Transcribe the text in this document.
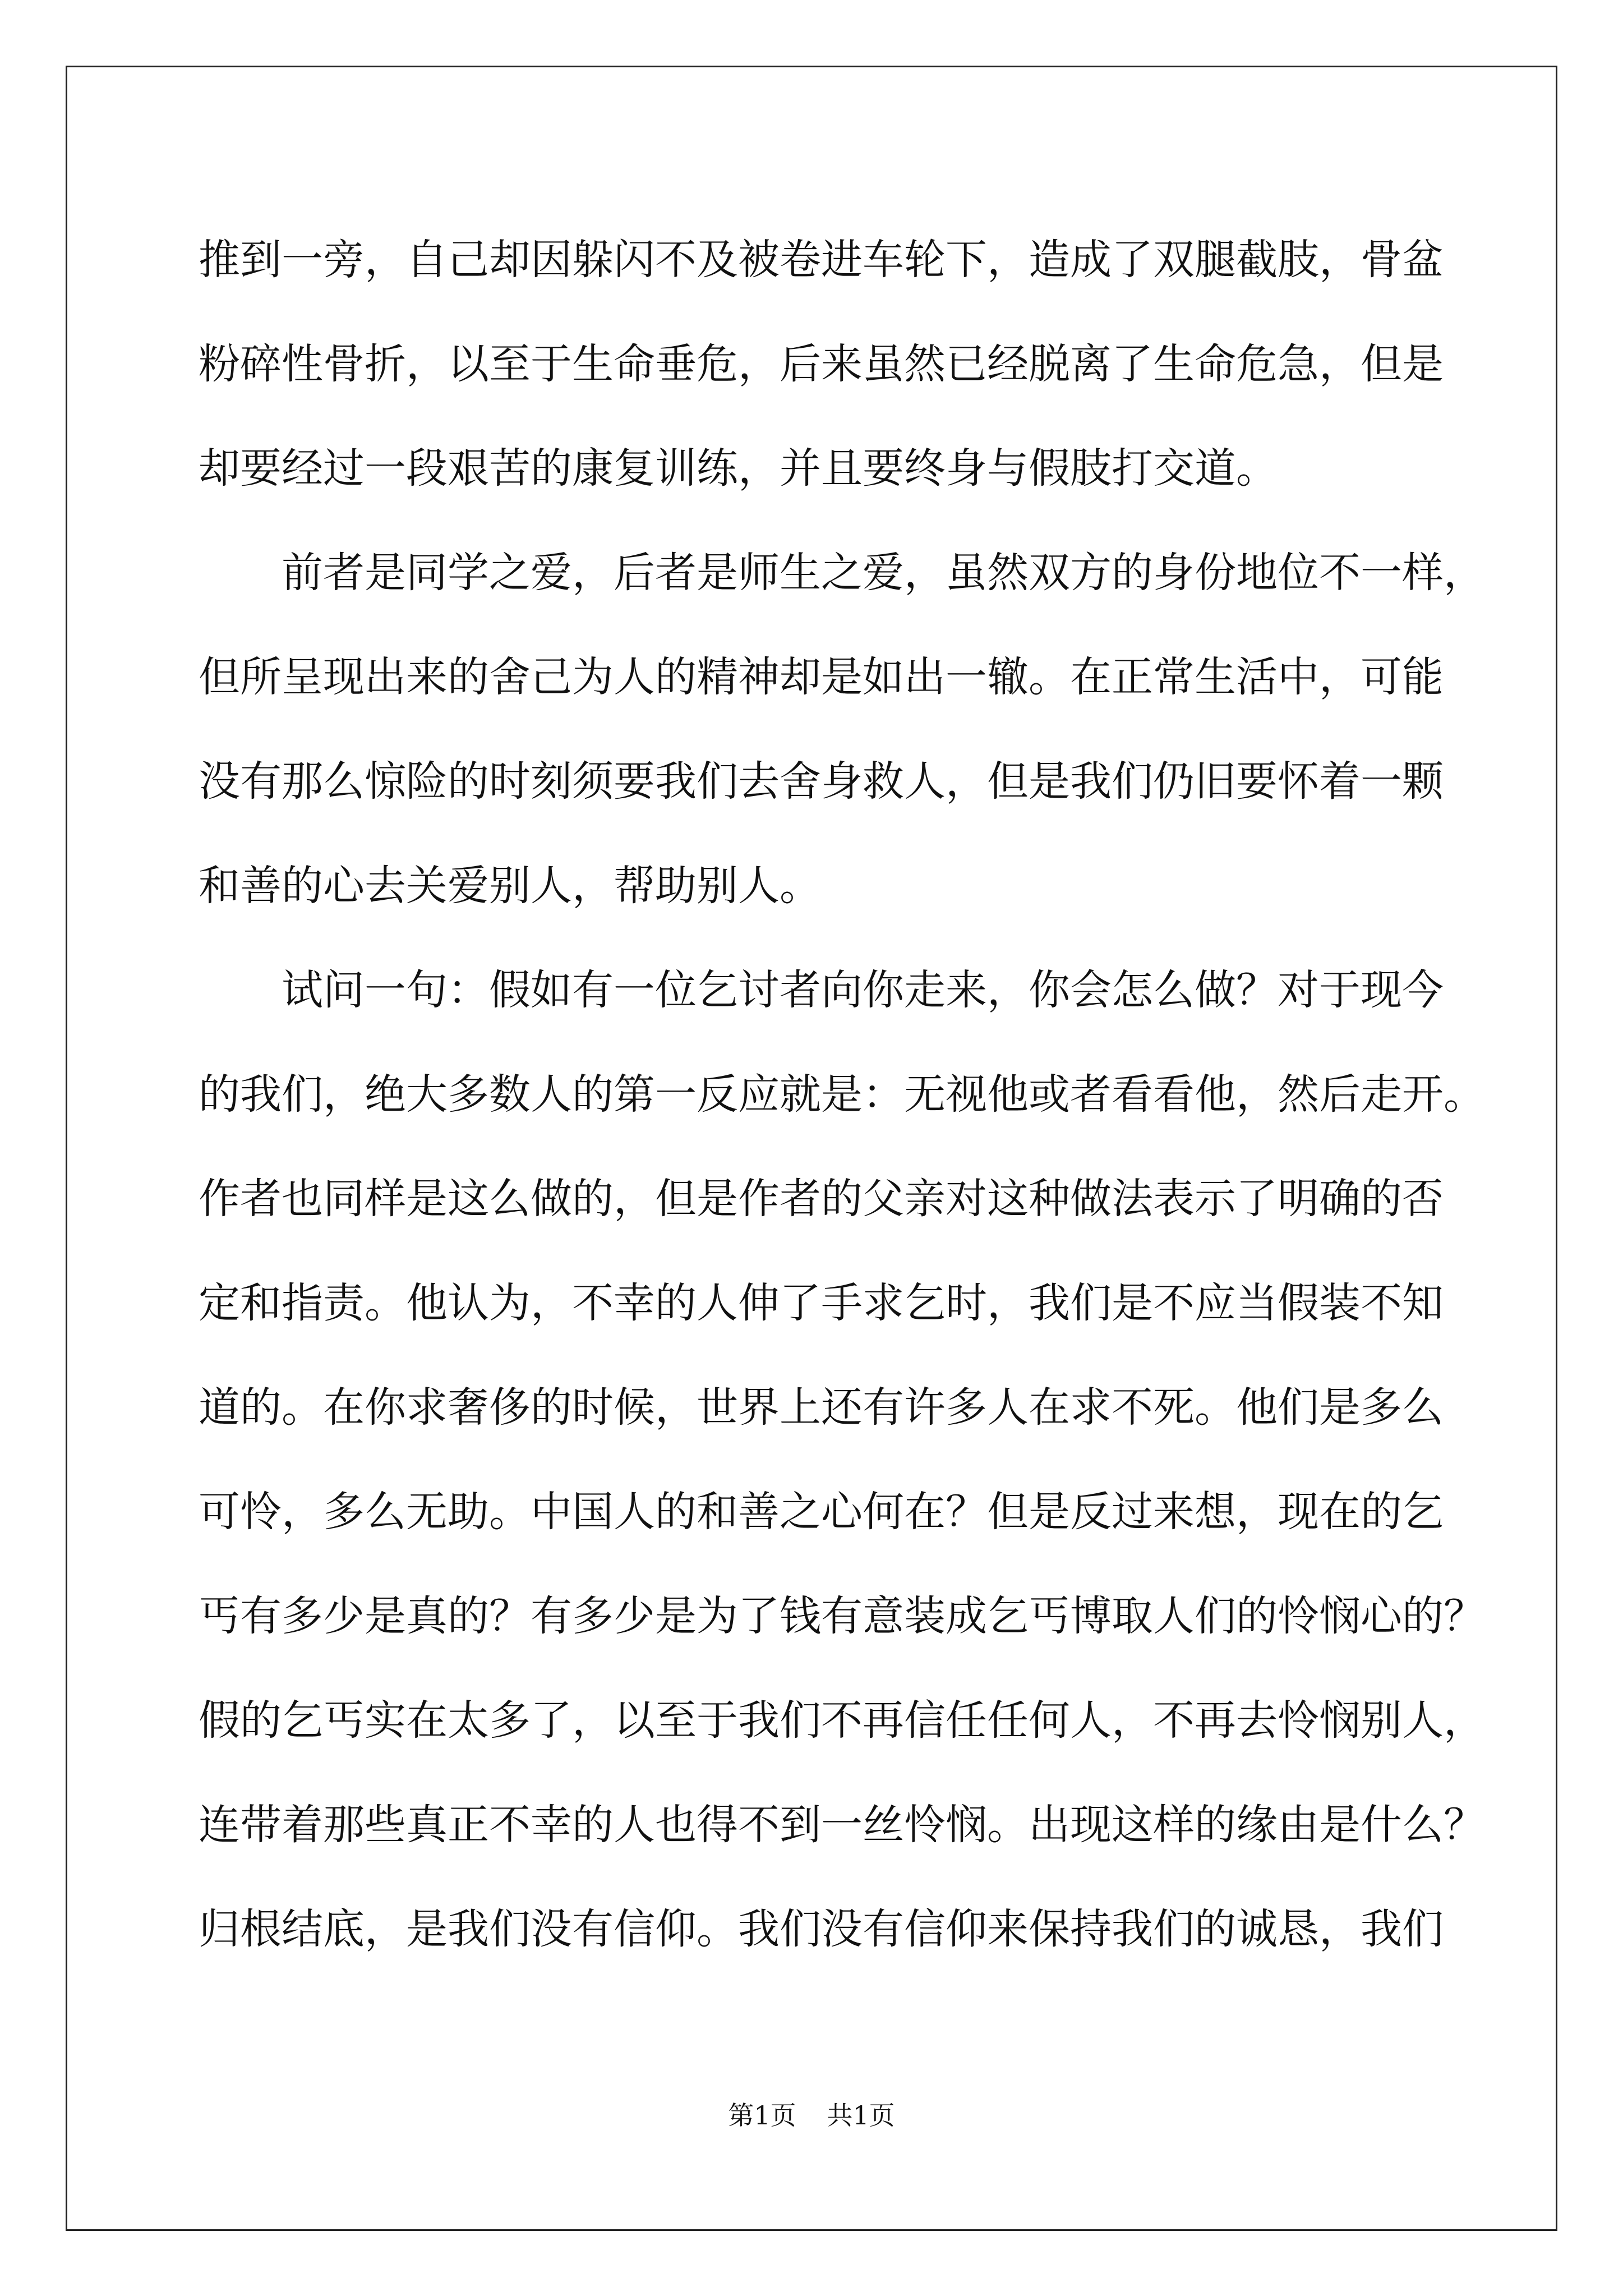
推到一旁，自己却因躲闪不及被卷进车轮下，造成了双腿截肢，骨盆
粉碎性骨折，以至于生命垂危，后来虽然已经脱离了生命危急，但是
却要经过一段艰苦的康复训练，并且要终身与假肢打交道。
　　前者是同学之爱，后者是师生之爱，虽然双方的身份地位不一样，
但所呈现出来的舍己为人的精神却是如出一辙。在正常生活中，可能
没有那么惊险的时刻须要我们去舍身救人，但是我们仍旧要怀着一颗
和善的心去关爱别人，帮助别人。
　　试问一句：假如有一位乞讨者向你走来，你会怎么做？对于现今
的我们，绝大多数人的第一反应就是：无视他或者看看他，然后走开。
作者也同样是这么做的，但是作者的父亲对这种做法表示了明确的否
定和指责。他认为，不幸的人伸了手求乞时，我们是不应当假装不知
道的。在你求奢侈的时候，世界上还有许多人在求不死。他们是多么
可怜，多么无助。中国人的和善之心何在？但是反过来想，现在的乞
丐有多少是真的？有多少是为了钱有意装成乞丐博取人们的怜悯心的？
假的乞丐实在太多了，以至于我们不再信任任何人，不再去怜悯别人，
连带着那些真正不幸的人也得不到一丝怜悯。出现这样的缘由是什么？
归根结底，是我们没有信仰。我们没有信仰来保持我们的诚恳，我们
第1页 共1页
